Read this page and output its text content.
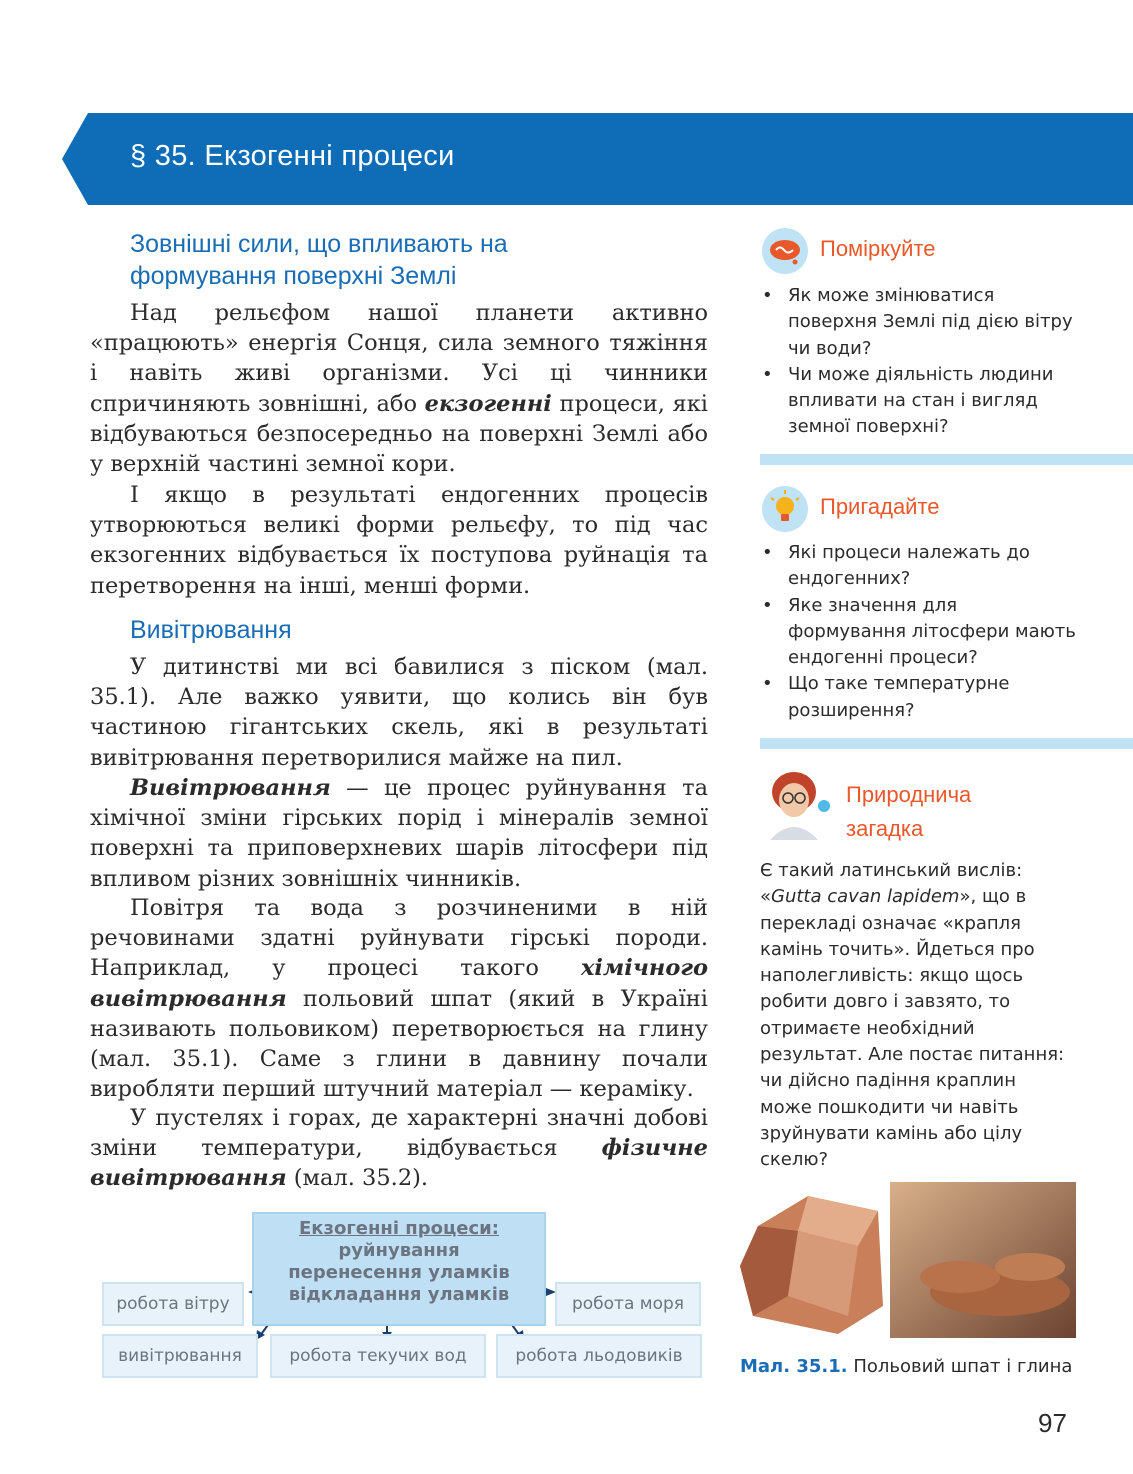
§ 35. Екзогенні процеси
Зовнішні сили, що впливають на формування поверхні Землі
Над рельєфом нашої планети активно «працюють» енергія Сонця, сила земного тяжіння і навіть живі організми. Усі ці чинники спричиняють зовнішні, або екзогенні процеси, які відбуваються безпосередньо на поверхні Землі або у верхній частині земної кори.
І якщо в результаті ендогенних процесів утворюються великі форми рельєфу, то під час екзогенних відбувається їх поступова руйнація та перетворення на інші, менші форми.
Вивітрювання
У дитинстві ми всі бавилися з піском (мал. 35.1). Але важко уявити, що колись він був частиною гігантських скель, які в результаті вивітрювання перетворилися майже на пил.
Вивітрювання — це процес руйнування та хімічної зміни гірських порід і мінералів земної поверхні та приповерхневих шарів літосфери під впливом різних зовнішніх чинників.
Повітря та вода з розчиненими в ній речовинами здатні руйнувати гірські породи. Наприклад, у процесі такого хімічного вивітрювання польовий шпат (який в Україні називають польовиком) перетворюється на глину (мал. 35.1). Саме з глини в давнину почали виробляти перший штучний матеріал — кераміку.
У пустелях і горах, де характерні значні добові зміни температури, відбувається фізичне вивітрювання (мал. 35.2).
Екзогенні процеси:
руйнування
перенесення уламків
відкладання уламків
робота вітру	робота моря
вивітрювання	робота текучих вод	робота льодовиків
Поміркуйте
• Як може змінюватися поверхня Землі під дією вітру чи води?
• Чи може діяльність людини впливати на стан і вигляд земної поверхні?
Пригадайте
• Які процеси належать до ендогенних?
• Яке значення для формування літосфери мають ендогенні процеси?
• Що таке температурне розширення?
Природнича
загадка
Є такий латинський вислів: «Gutta cavan lapidem», що в перекладі означає «крапля камінь точить». Йдеться про наполегливість: якщо щось робити довго і завзято, то отримаєте необхідний результат. Але постає питання: чи дійсно падіння краплин може пошкодити чи навіть зруйнувати камінь або цілу скелю?
Мал. 35.1. Польовий шпат і глина
97
